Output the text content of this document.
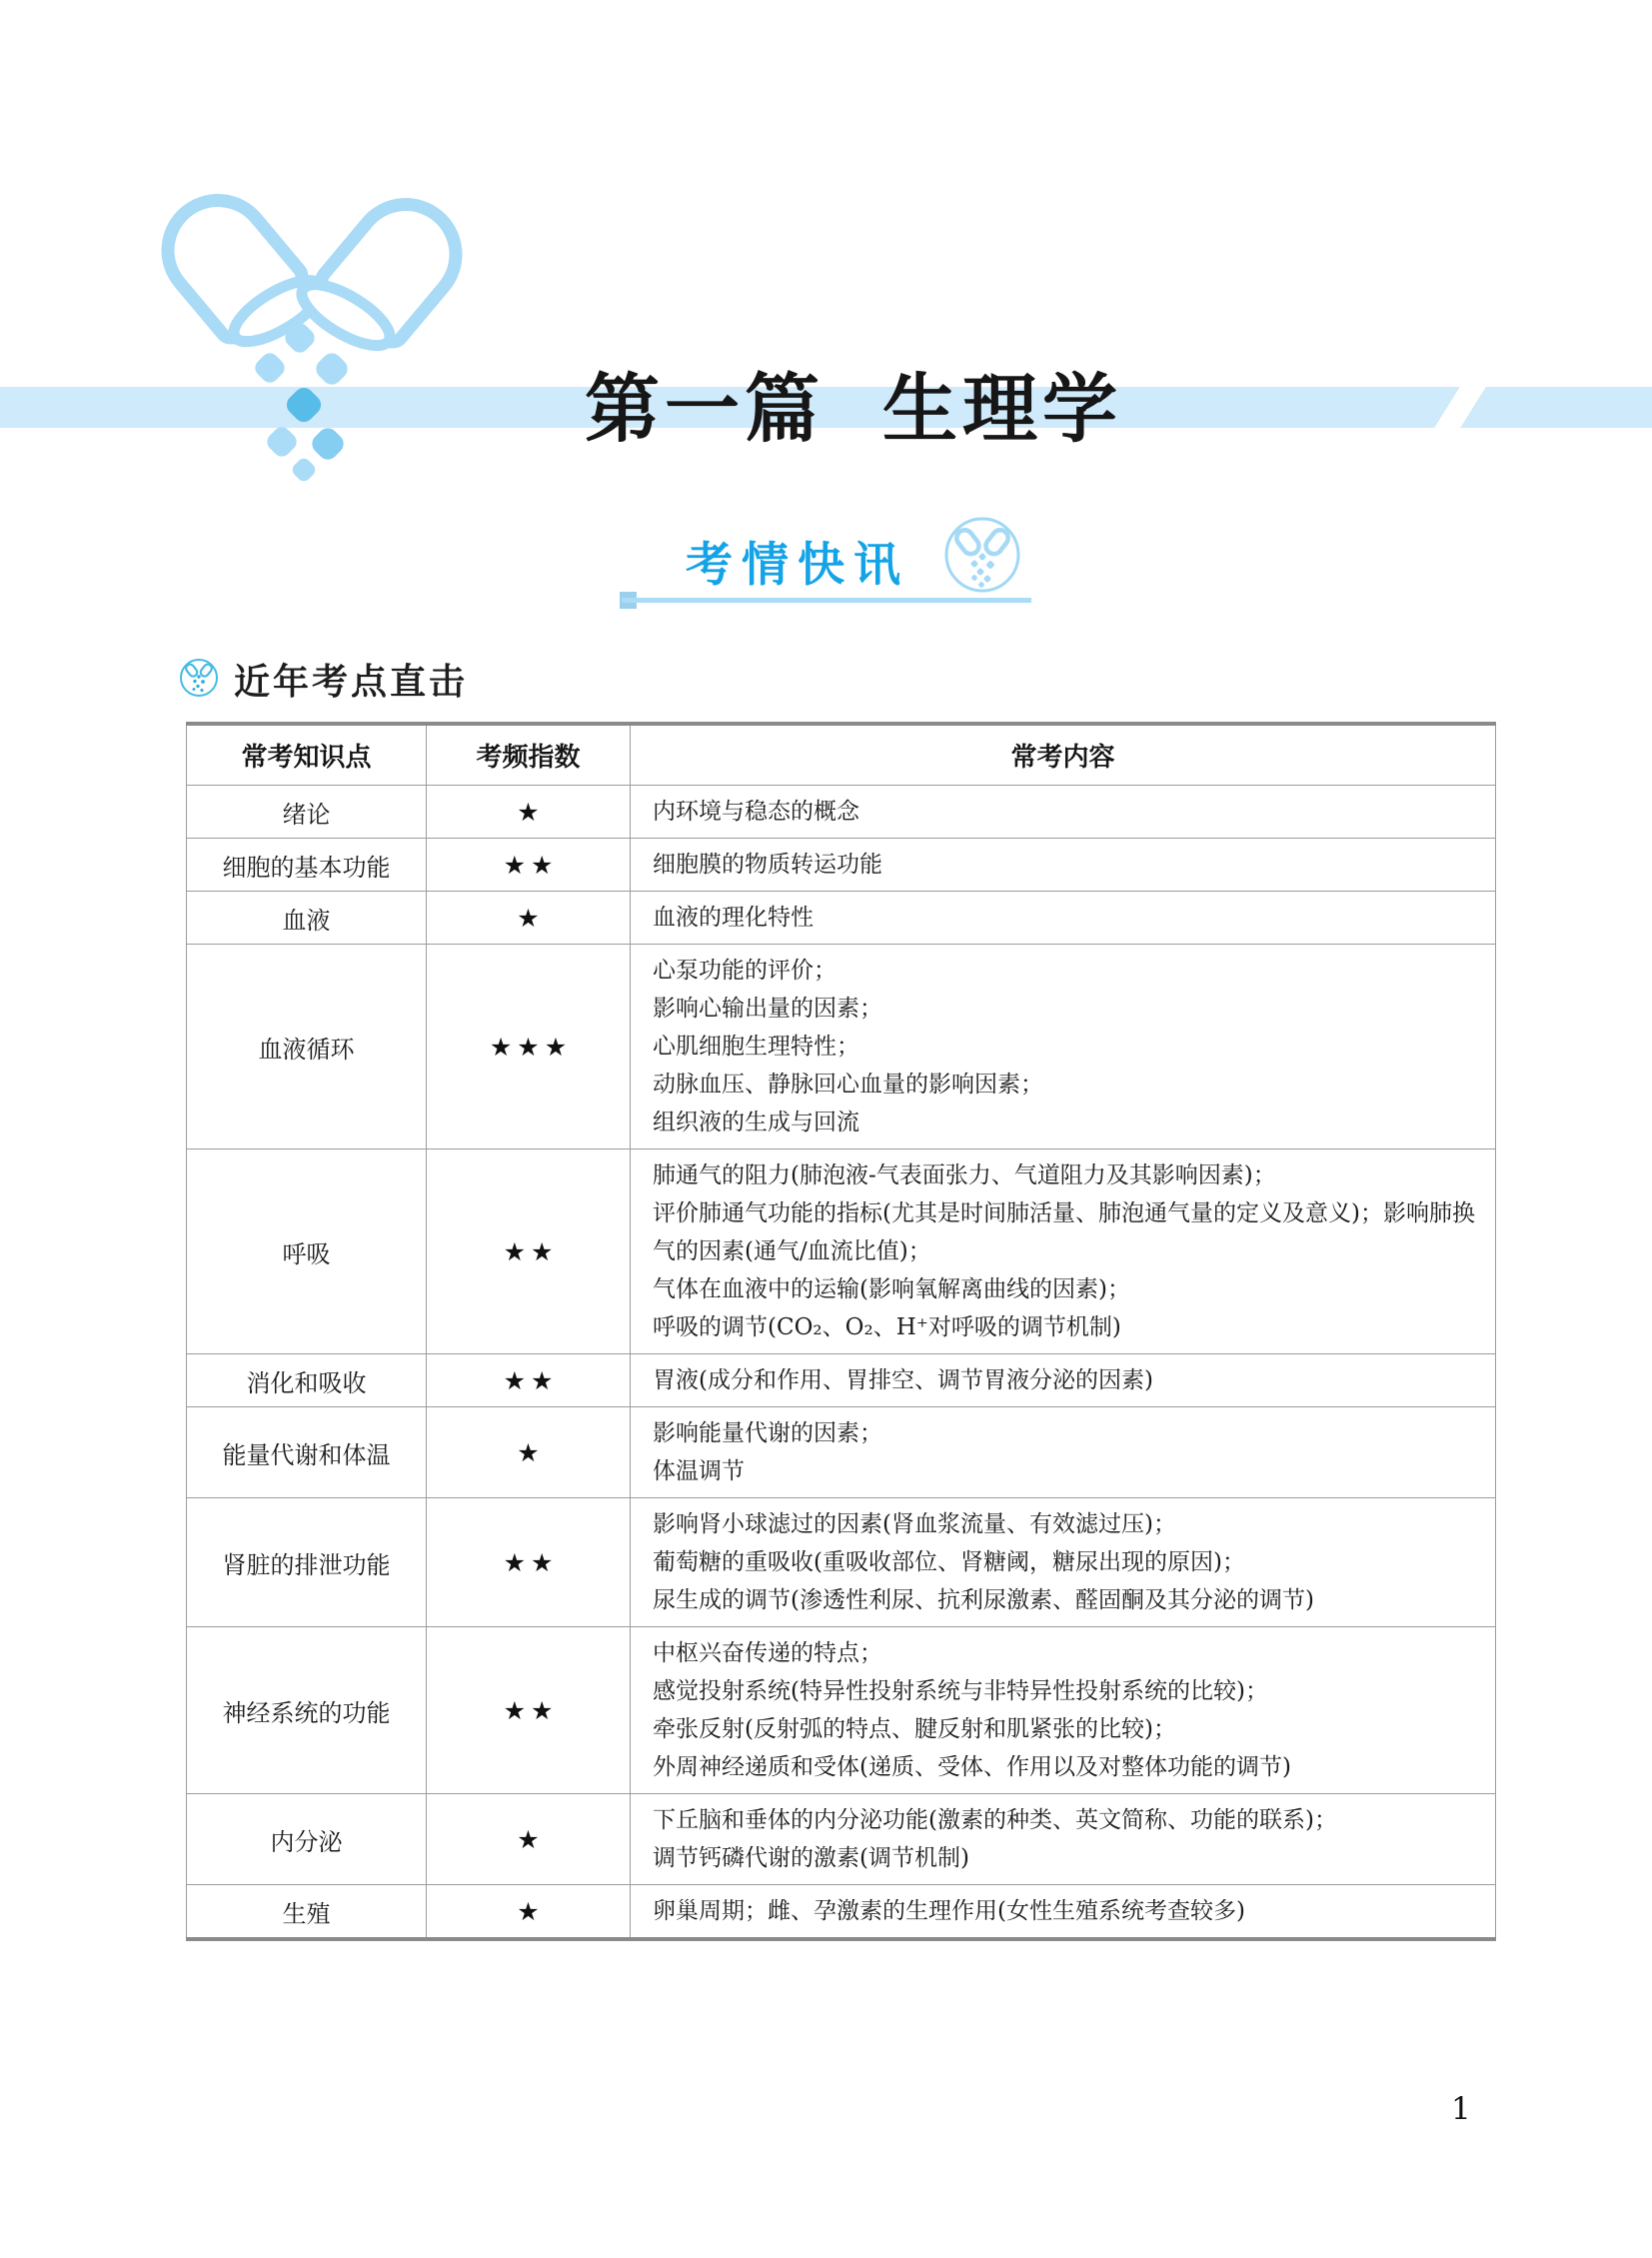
第一篇 生理学
考情快讯
近年考点直击
常考知识点	考频指数	常考内容
绪论	★	内环境与稳态的概念

细胞的基本功能	★★	细胞膜的物质转运功能

血液	★	血液的理化特性

血液循环	★★★	心泵功能的评价；
影响心输出量的因素；
心肌细胞生理特性；
动脉血压、静脉回心血量的影响因素；
组织液的生成与回流

呼吸	★★	肺通气的阻力(肺泡液-气表面张力、气道阻力及其影响因素)；
评价肺通气功能的指标(尤其是时间肺活量、肺泡通气量的定义及意义)；影响肺换气的因素(通气/血流比值)；
气体在血液中的运输(影响氧解离曲线的因素)；
呼吸的调节(CO₂、O₂、H⁺对呼吸的调节机制)

消化和吸收	★★	胃液(成分和作用、胃排空、调节胃液分泌的因素)

能量代谢和体温	★	影响能量代谢的因素；
体温调节

肾脏的排泄功能	★★	影响肾小球滤过的因素(肾血浆流量、有效滤过压)；
葡萄糖的重吸收(重吸收部位、肾糖阈，糖尿出现的原因)；
尿生成的调节(渗透性利尿、抗利尿激素、醛固酮及其分泌的调节)

神经系统的功能	★★	中枢兴奋传递的特点；
感觉投射系统(特异性投射系统与非特异性投射系统的比较)；
牵张反射(反射弧的特点、腱反射和肌紧张的比较)；
外周神经递质和受体(递质、受体、作用以及对整体功能的调节)

内分泌	★	下丘脑和垂体的内分泌功能(激素的种类、英文简称、功能的联系)；
调节钙磷代谢的激素(调节机制)

生殖	★	卵巢周期；雌、孕激素的生理作用(女性生殖系统考查较多)
1
